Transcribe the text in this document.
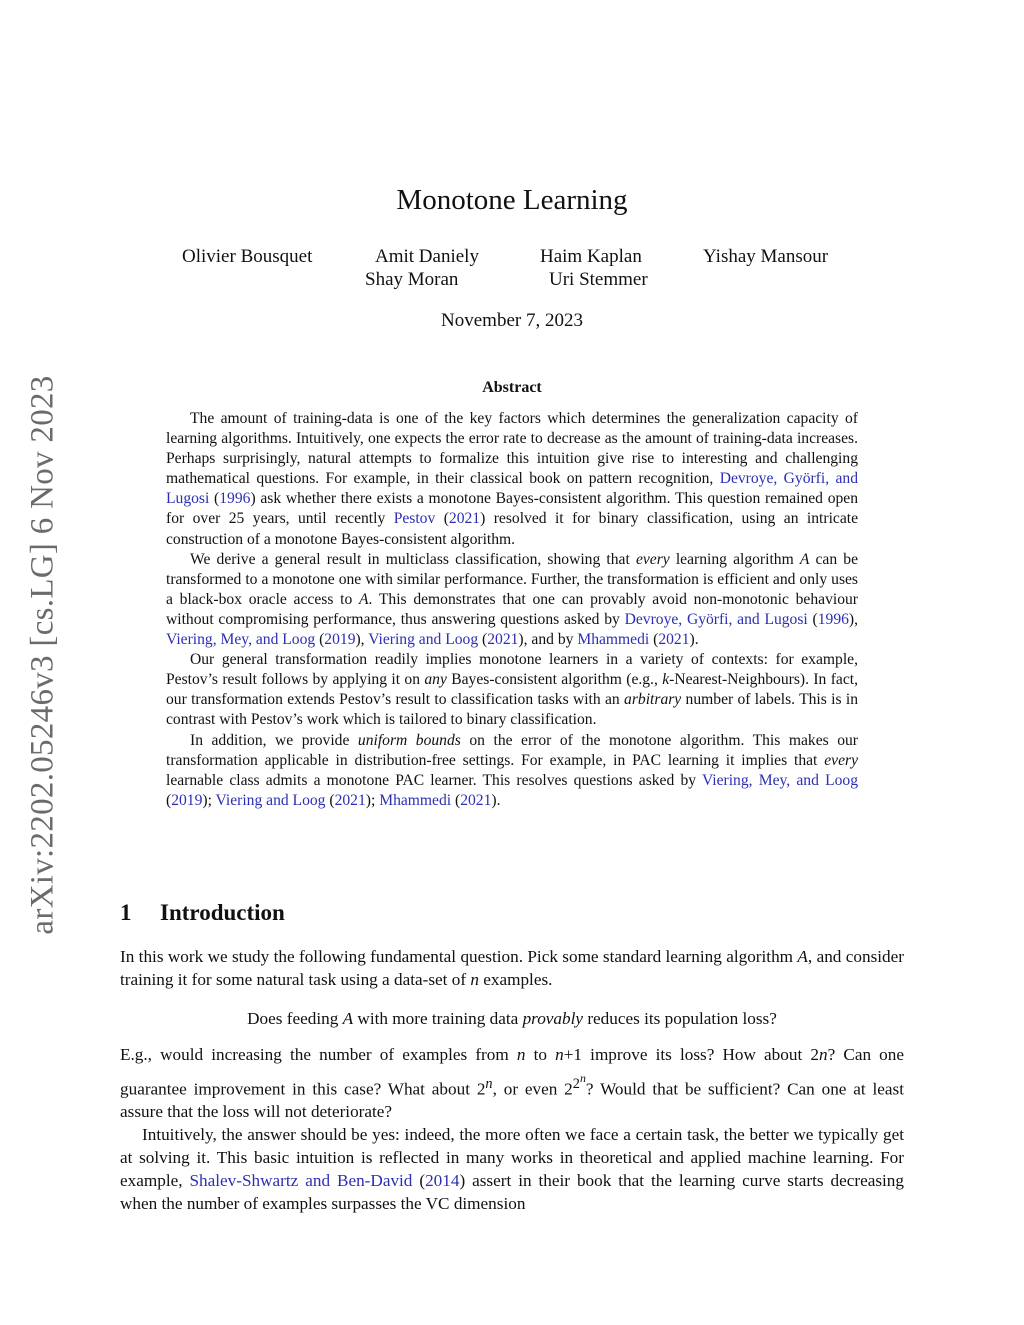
arXiv:2202.05246v3 [cs.LG] 6 Nov 2023
Monotone Learning
Olivier Bousquet	Amit Daniely	Haim Kaplan	Yishay Mansour
Shay Moran	Uri Stemmer
November 7, 2023
Abstract

The amount of training-data is one of the key factors which determines the generalization capacity of learning algorithms. Intuitively, one expects the error rate to decrease as the amount of training-data increases. Perhaps surprisingly, natural attempts to formalize this intuition give rise to interesting and challenging mathematical questions. For example, in their classical book on pattern recognition, Devroye, Györfi, and Lugosi (1996) ask whether there exists a monotone Bayes-consistent algorithm. This question remained open for over 25 years, until recently Pestov (2021) resolved it for binary classification, using an intricate construction of a monotone Bayes-consistent algorithm.

We derive a general result in multiclass classification, showing that every learning algorithm A can be transformed to a monotone one with similar performance. Further, the transformation is efficient and only uses a black-box oracle access to A. This demonstrates that one can provably avoid non-monotonic behaviour without compromising performance, thus answering questions asked by Devroye, Györfi, and Lugosi (1996), Viering, Mey, and Loog (2019), Viering and Loog (2021), and by Mhammedi (2021).

Our general transformation readily implies monotone learners in a variety of contexts: for example, Pestov’s result follows by applying it on any Bayes-consistent algorithm (e.g., k-Nearest-Neighbours). In fact, our transformation extends Pestov’s result to classification tasks with an arbitrary number of labels. This is in contrast with Pestov’s work which is tailored to binary classification.

In addition, we provide uniform bounds on the error of the monotone algorithm. This makes our transformation applicable in distribution-free settings. For example, in PAC learning it implies that every learnable class admits a monotone PAC learner. This resolves questions asked by Viering, Mey, and Loog (2019); Viering and Loog (2021); Mhammedi (2021).

1 Introduction

In this work we study the following fundamental question. Pick some standard learning algorithm A, and consider training it for some natural task using a data-set of n examples.

Does feeding A with more training data provably reduces its population loss?

E.g., would increasing the number of examples from n to n+1 improve its loss? How about 2n? Can one guarantee improvement in this case? What about 2$^n$, or even $2^{2^n}$? Would that be sufficient? Can one at least assure that the loss will not deteriorate?

Intuitively, the answer should be yes: indeed, the more often we face a certain task, the better we typically get at solving it. This basic intuition is reflected in many works in theoretical and applied machine learning. For example, Shalev-Shwartz and Ben-David (2014) assert in their book that the learning curve starts decreasing when the number of examples surpasses the VC dimension
